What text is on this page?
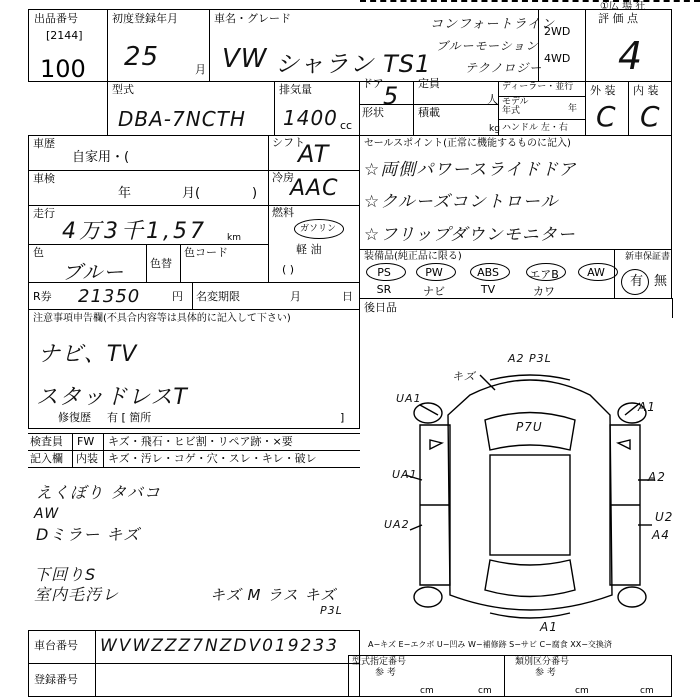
①広 場 狂
出品番号
[2144]
100
初度登録年月
25	月
車名・グレード
VW シャラン TS1
コンフォートライン
ブルーモーション
テクノロジー
2WD
4WD
評 価 点
4
型式
DBA-7NCTH
排気量
1400 cc
ドア 5
形状
定員
人
積載
kg
ディーラー・並行
モデル年式	年
ハンドル 左・右
外 装
C
内 装
C
車歴
自家用・(
シフト
AT
車検
年	月(	)
冷房
AAC
走行
4万3千1,57 km
燃料
ガソリン
軽 油
( )
色
ブルー 色替
色コード
R券 21350	円 名変期限	月	日
セールスポイント(正常に機能するものに記入)
☆両側パワースライドドア
☆クルーズコントロール
☆フリップダウンモニター
装備品(純正品に限る)	新車保証書
PS	PW	ABS	エアB	AW
SR	ナビ	TV	カワ
有 無
後日品
注意事項申告欄(不具合内容等は具体的に記入して下さい)
ナビ、TV
スタッドレスT
修復歴 有 [ 箇所	]
検査員
記入欄
FW キズ・飛石・ヒビ割・リペア跡・×要
内装 キズ・汚レ・コゲ・穴・スレ・キレ・破レ
えくぼり タバコ
AW
Dミラー キズ
下回りS
室内毛汚レ	キズ M ラス キズ
P3L
A2 P3L
キズ
UA1
A1
P7U
UA1	A2
UA2
U2
A4
A1
A−キズ E−エクボ U−凹み W−補修跡 S−サビ C−腐食 XX−交換済
車台番号 WVWZZZ7NZDV019233
登録番号
型式指定番号
参 考
cm	cm
類別区分番号
参 考
cm	cm
